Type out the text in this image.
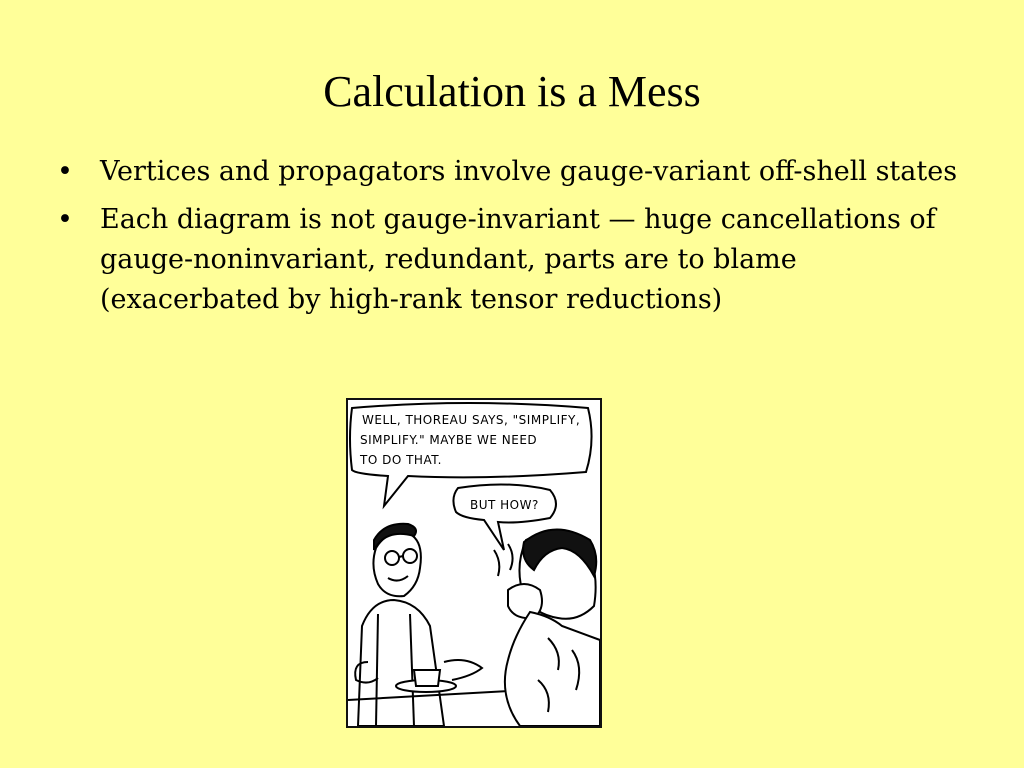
Calculation is a Mess
• Vertices and propagators involve gauge-variant off-shell states
• Each diagram is not gauge-invariant — huge cancellations of gauge-noninvariant, redundant, parts are to blame (exacerbated by high-rank tensor reductions)
WELL, THOREAU SAYS, "SIMPLIFY,
SIMPLIFY." MAYBE WE NEED
TO DO THAT.
BUT HOW?
